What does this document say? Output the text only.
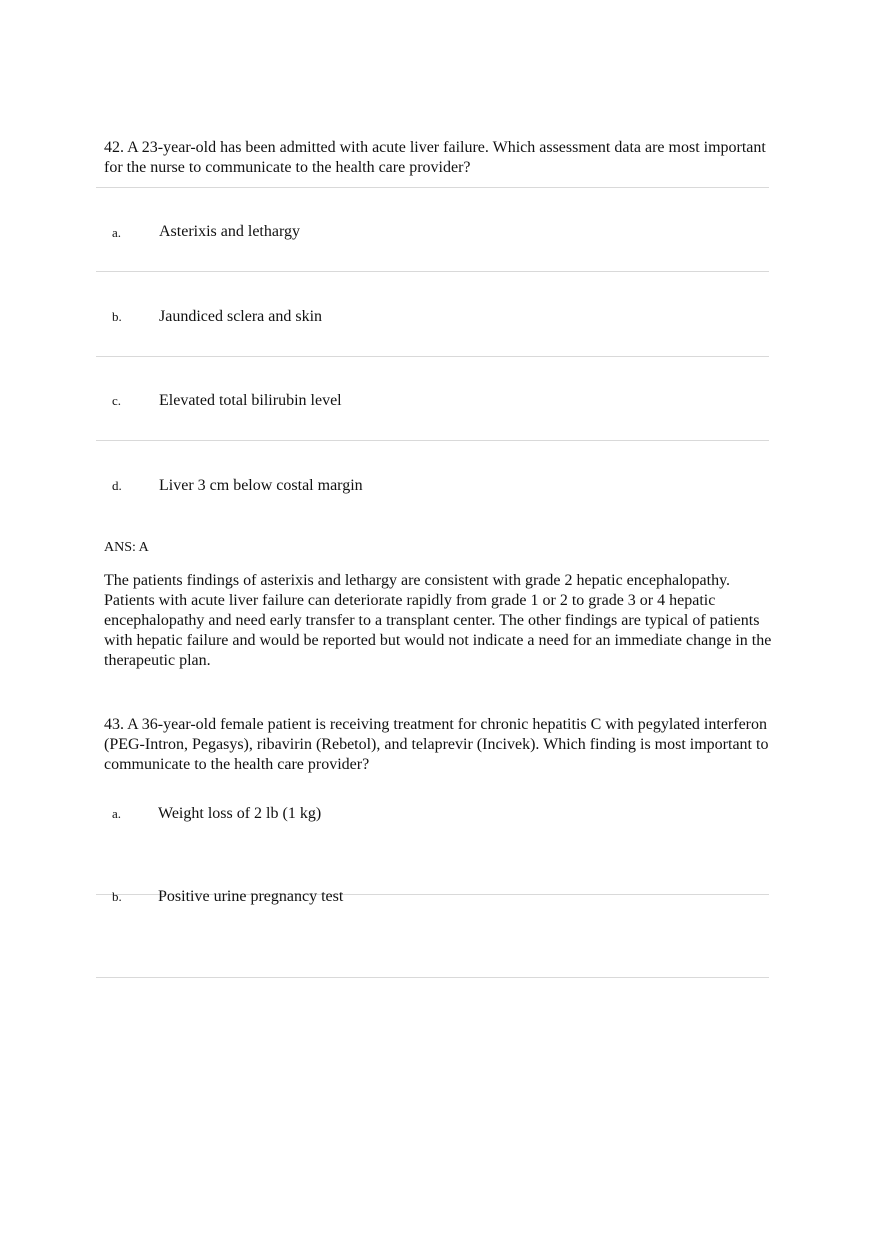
42. A 23-year-old has been admitted with acute liver failure. Which assessment data are most important for the nurse to communicate to the health care provider?
a. Asterixis and lethargy
b. Jaundiced sclera and skin
c. Elevated total bilirubin level
d. Liver 3 cm below costal margin
ANS: A
The patients findings of asterixis and lethargy are consistent with grade 2 hepatic encephalopathy. Patients with acute liver failure can deteriorate rapidly from grade 1 or 2 to grade 3 or 4 hepatic encephalopathy and need early transfer to a transplant center. The other findings are typical of patients with hepatic failure and would be reported but would not indicate a need for an immediate change in the therapeutic plan.
43. A 36-year-old female patient is receiving treatment for chronic hepatitis C with pegylated interferon (PEG-Intron, Pegasys), ribavirin (Rebetol), and telaprevir (Incivek). Which finding is most important to communicate to the health care provider?
a. Weight loss of 2 lb (1 kg)
b. Positive urine pregnancy test
